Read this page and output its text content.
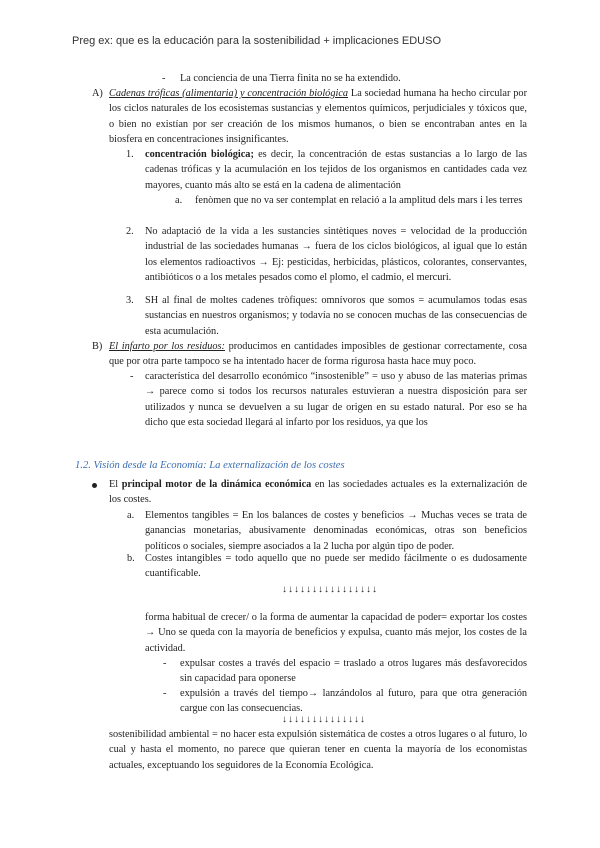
Preg ex: que es la educación para la sostenibilidad + implicaciones EDUSO
- La conciencia de una Tierra finita no se ha extendido.
A) Cadenas tróficas (alimentaria) y concentración biológica La sociedad humana ha hecho circular por los ciclos naturales de los ecosistemas sustancias y elementos químicos, perjudiciales y tóxicos que, o bien no existían por ser creación de los mismos humanos, o bien se encontraban antes en la biosfera en concentraciones insignificantes.
1. concentración biológica; es decir, la concentración de estas sustancias a lo largo de las cadenas tróficas y la acumulación en los tejidos de los organismos en cantidades cada vez mayores, cuanto más alto se está en la cadena de alimentación
a. fenòmen que no va ser contemplat en relació a la amplitud dels mars i les terres
2. No adaptació de la vida a les sustancies sintètiques noves = velocidad de la producción industrial de las sociedades humanas → fuera de los ciclos biológicos, al igual que lo están los elementos radioactivos → Ej: pesticidas, herbicidas, plásticos, colorantes, conservantes, antibióticos o a los metales pesados como el plomo, el cadmio, el mercuri.
3. SH al final de moltes cadenes tròfiques: omnívoros que somos = acumulamos todas esas sustancias en nuestros organismos; y todavía no se conocen muchas de las consecuencias de esta acumulación.
B) El infarto por los residuos: producimos en cantidades imposibles de gestionar correctamente, cosa que por otra parte tampoco se ha intentado hacer de forma rigurosa hasta hace muy poco.
- característica del desarrollo económico “insostenible” = uso y abuso de las materias primas → parece como si todos los recursos naturales estuvieran a nuestra disposición para ser utilizados y nunca se devuelven a su lugar de origen en su estado natural. Por eso se ha dicho que esta sociedad llegará al infarto por los residuos, ya que los
1.2. Visión desde la Economía: La externalización de los costes
El principal motor de la dinámica económica en las sociedades actuales es la externalización de los costes.
a. Elementos tangibles = En los balances de costes y beneficios → Muchas veces se trata de ganancias monetarias, abusivamente denominadas económicas, otras son beneficios políticos o sociales, siempre asociados a la 2 lucha por algún tipo de poder.
b. Costes intangibles = todo aquello que no puede ser medido fácilmente o es dudosamente cuantificable.
↓↓↓↓↓↓↓↓↓↓↓↓↓↓↓↓
forma habitual de crecer/ o la forma de aumentar la capacidad de poder= exportar los costes → Uno se queda con la mayoría de beneficios y expulsa, cuanto más mejor, los costes de la actividad.
- expulsar costes a través del espacio = traslado a otros lugares más desfavorecidos sin capacidad para oponerse
- expulsión a través del tiempo→ lanzándolos al futuro, para que otra generación cargue con las consecuencias.
↓↓↓↓↓↓↓↓↓↓↓↓↓↓
sostenibilidad ambiental = no hacer esta expulsión sistemática de costes a otros lugares o al futuro, lo cual y hasta el momento, no parece que quieran tener en cuenta la mayoría de los economistas actuales, exceptuando los seguidores de la Economía Ecológica.
